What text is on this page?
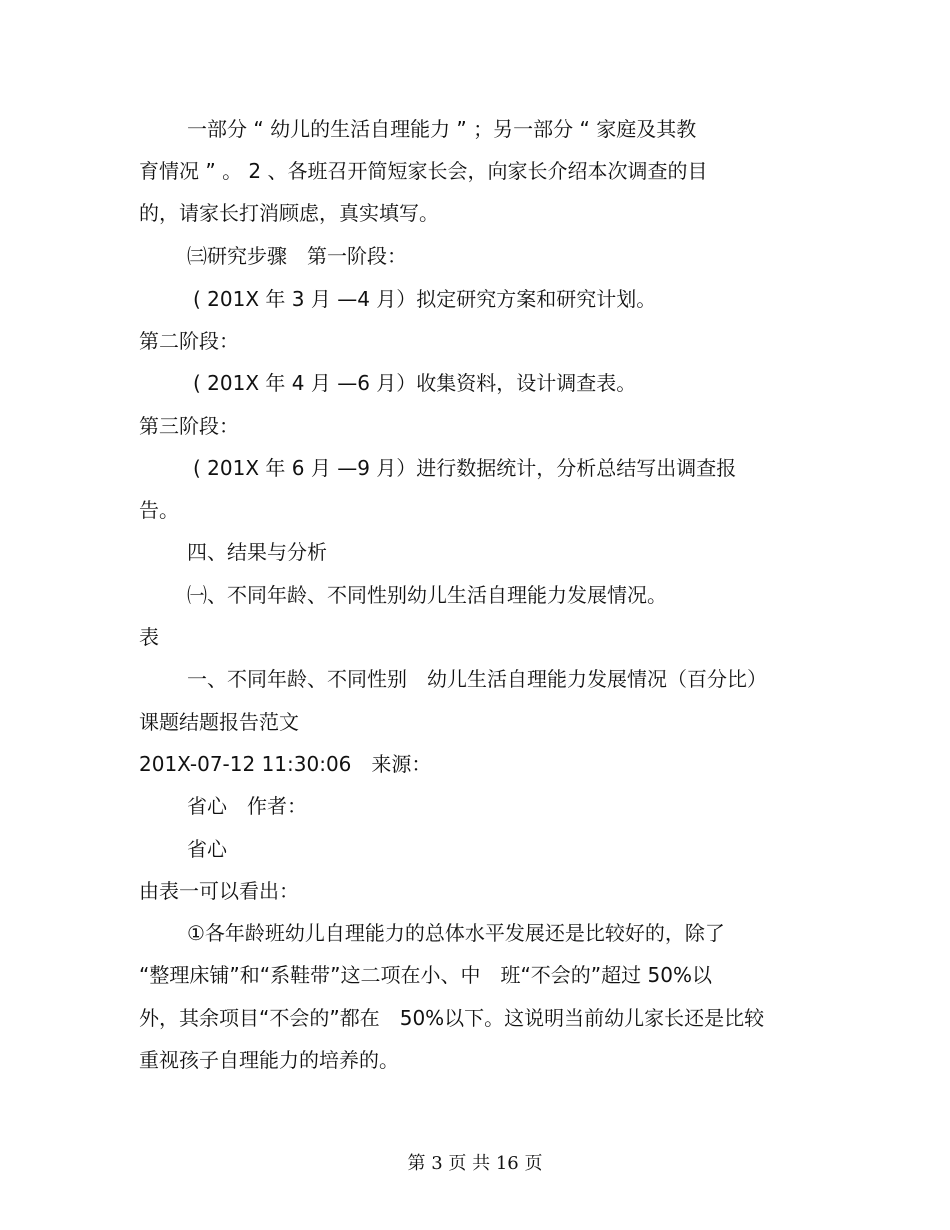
一部分 “ 幼儿的生活自理能力 ” ；另一部分 “ 家庭及其教
育情况 ” 。 2 、各班召开简短家长会，向家长介绍本次调查的目
的，请家长打消顾虑，真实填写。
㈢研究步骤　第一阶段：
( 201X 年 3 月 —4 月）拟定研究方案和研究计划。
第二阶段：
( 201X 年 4 月 —6 月）收集资料，设计调查表。
第三阶段：
( 201X 年 6 月 —9 月）进行数据统计，分析总结写出调查报
告。
四、结果与分析
㈠、不同年龄、不同性别幼儿生活自理能力发展情况。
表
一、不同年龄、不同性别　幼儿生活自理能力发展情况（百分比）
课题结题报告范文
201X-07-12 11:30:06　来源：
省心　作者：
省心
由表一可以看出：
①各年龄班幼儿自理能力的总体水平发展还是比较好的，除了
“整理床铺”和“系鞋带”这二项在小、中　班“不会的”超过 50%以
外，其余项目“不会的”都在　50%以下。这说明当前幼儿家长还是比较
重视孩子自理能力的培养的。
第 3 页 共 16 页
